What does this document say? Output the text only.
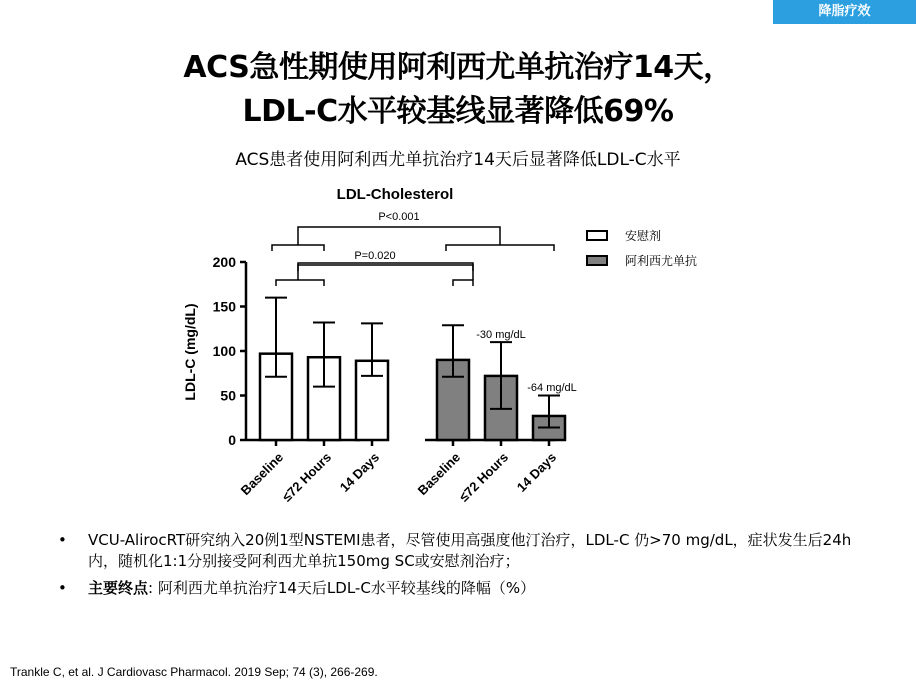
降脂疗效
ACS急性期使用阿利西尤单抗治疗14天，
LDL-C水平较基线显著降低69%
ACS患者使用阿利西尤单抗治疗14天后显著降低LDL-C水平
LDL-Cholesterol
LDL-C (mg/dL)
0
50
100
150
200
P<0.001
P=0.020
-30 mg/dL
-64 mg/dL
Baseline
≤72 Hours 14 Days	Baseline
≤72 Hours 14 Days
安慰剂
阿利西尤单抗
• VCU-AlirocRT研究纳入20例1型NSTEMI患者，尽管使用高强度他汀治疗，LDL-C 仍>70 mg/dL，症状发生后24h内，随机化1:1分别接受阿利西尤单抗150mg SC或安慰剂治疗；
• 主要终点: 阿利西尤单抗治疗14天后LDL-C水平较基线的降幅（%）
Trankle C, et al. J Cardiovasc Pharmacol. 2019 Sep; 74 (3), 266-269.
